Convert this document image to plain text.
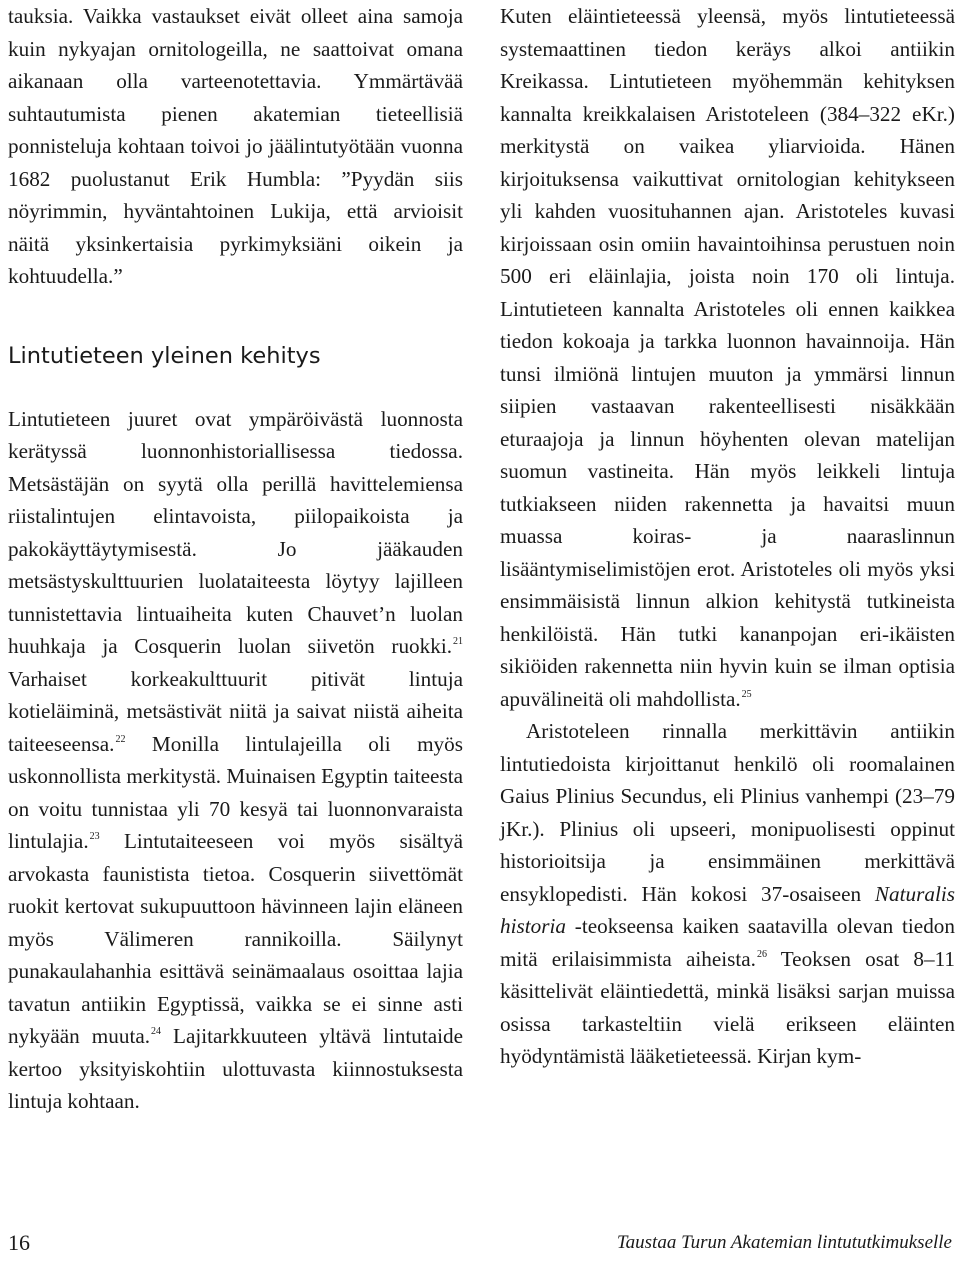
tauksia. Vaikka vastaukset eivät olleet aina samoja kuin nykyajan ornitologeilla, ne saattoivat omana aikanaan olla varteenotettavia. Ymmärtävää suhtautumista pienen akatemian tieteellisiä ponnisteluja kohtaan toivoi jo jäälintutyötään vuonna 1682 puolustanut Erik Humbla: ”Pyydän siis nöyrimmin, hyväntahtoinen Lukija, että arvioisit näitä yksinkertaisia pyrkimyksiäni oikein ja kohtuudella.”

Lintutieteen yleinen kehitys

Lintutieteen juuret ovat ympäröivästä luonnosta kerätyssä luonnonhistoriallisessa tiedossa. Metsästäjän on syytä olla perillä havittelemiensa riistalintujen elintavoista, piilopaikoista ja pakokäyttäytymisestä. Jo jääkauden metsästyskulttuurien luolataiteesta löytyy lajilleen tunnistettavia lintuaiheita kuten Chauvet’n luolan huuhkaja ja Cosquerin luolan siivetön ruokki.$^{21}$ Varhaiset korkeakulttuurit pitivät lintuja kotieläiminä, metsästivät niitä ja saivat niistä aiheita taiteeseensa.$^{22}$ Monilla lintulajeilla oli myös uskonnollista merkitystä. Muinaisen Egyptin taiteesta on voitu tunnistaa yli 70 kesyä tai luonnonvaraista lintulajia.$^{23}$ Lintutaiteeseen voi myös sisältyä arvokasta faunistista tietoa. Cosquerin siivettömät ruokit kertovat sukupuuttoon hävinneen lajin eläneen myös Välimeren rannikoilla. Säilynyt punakaulahanhia esittävä seinämaalaus osoittaa lajia tavatun antiikin Egyptissä, vaikka se ei sinne asti nykyään muuta.$^{24}$ Lajitarkkuuteen yltävä lintutaide kertoo yksityiskohtiin ulottuvasta kiinnostuksesta lintuja kohtaan.

Kuten eläintieteessä yleensä, myös lintutieteessä systemaattinen tiedon keräys alkoi antiikin Kreikassa. Lintutieteen myöhemmän kehityksen kannalta kreikkalaisen Aristoteleen (384–322 eKr.) merkitystä on vaikea yliarvioida. Hänen kirjoituksensa vaikuttivat ornitologian kehitykseen yli kahden vuosituhannen ajan. Aristoteles kuvasi kirjoissaan osin omiin havaintoihinsa perustuen noin 500 eri eläinlajia, joista noin 170 oli lintuja. Lintutieteen kannalta Aristoteles oli ennen kaikkea tiedon kokoaja ja tarkka luonnon havainnoija. Hän tunsi ilmiönä lintujen muuton ja ymmärsi linnun siipien vastaavan rakenteellisesti nisäkkään eturaajoja ja linnun höyhenten olevan matelijan suomun vastineita. Hän myös leikkeli lintuja tutkiakseen niiden rakennetta ja havaitsi muun muassa koiras- ja naaraslinnun lisääntymiselimistöjen erot. Aristoteles oli myös yksi ensimmäisistä linnun alkion kehitystä tutkineista henkilöistä. Hän tutki kananpojan eri-ikäisten sikiöiden rakennetta niin hyvin kuin se ilman optisia apuvälineitä oli mahdollista.$^{25}$

Aristoteleen rinnalla merkittävin antiikin lintutiedoista kirjoittanut henkilö oli roomalainen Gaius Plinius Secundus, eli Plinius vanhempi (23–79 jKr.). Plinius oli upseeri, monipuolisesti oppinut historioitsija ja ensimmäinen merkittävä ensyklopedisti. Hän kokosi 37-osaiseen Naturalis historia -teokseensa kaiken saatavilla olevan tiedon mitä erilaisimmista aiheista.$^{26}$ Teoksen osat 8–11 käsittelivät eläintiedettä, minkä lisäksi sarjan muissa osissa tarkasteltiin vielä erikseen eläinten hyödyntämistä lääketieteessä. Kirjan kym-

16	Taustaa Turun Akatemian lintututkimukselle
